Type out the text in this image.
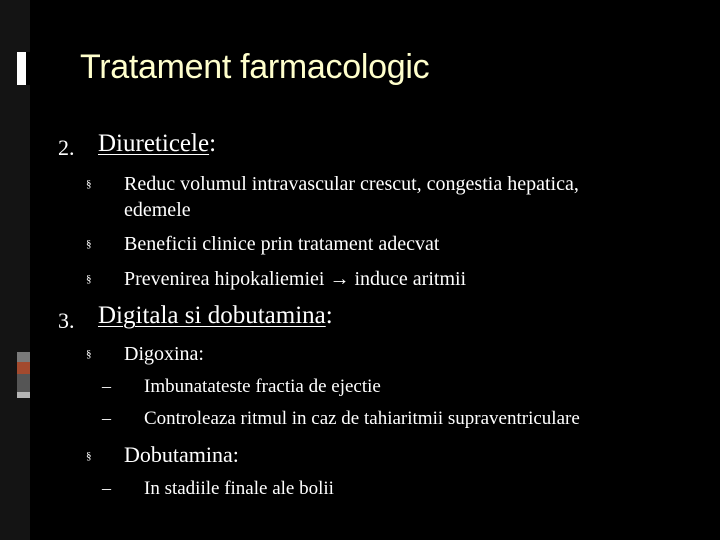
Tratament farmacologic
2. Diureticele:
§ Reduc volumul intravascular crescut, congestia hepatica,
edemele
§ Beneficii clinice prin tratament adecvat
§ Prevenirea hipokaliemiei → induce aritmii
3. Digitala si dobutamina:
§ Digoxina:
– Imbunatateste fractia de ejectie
– Controleaza ritmul in caz de tahiaritmii supraventriculare
§ Dobutamina:
– In stadiile finale ale bolii
